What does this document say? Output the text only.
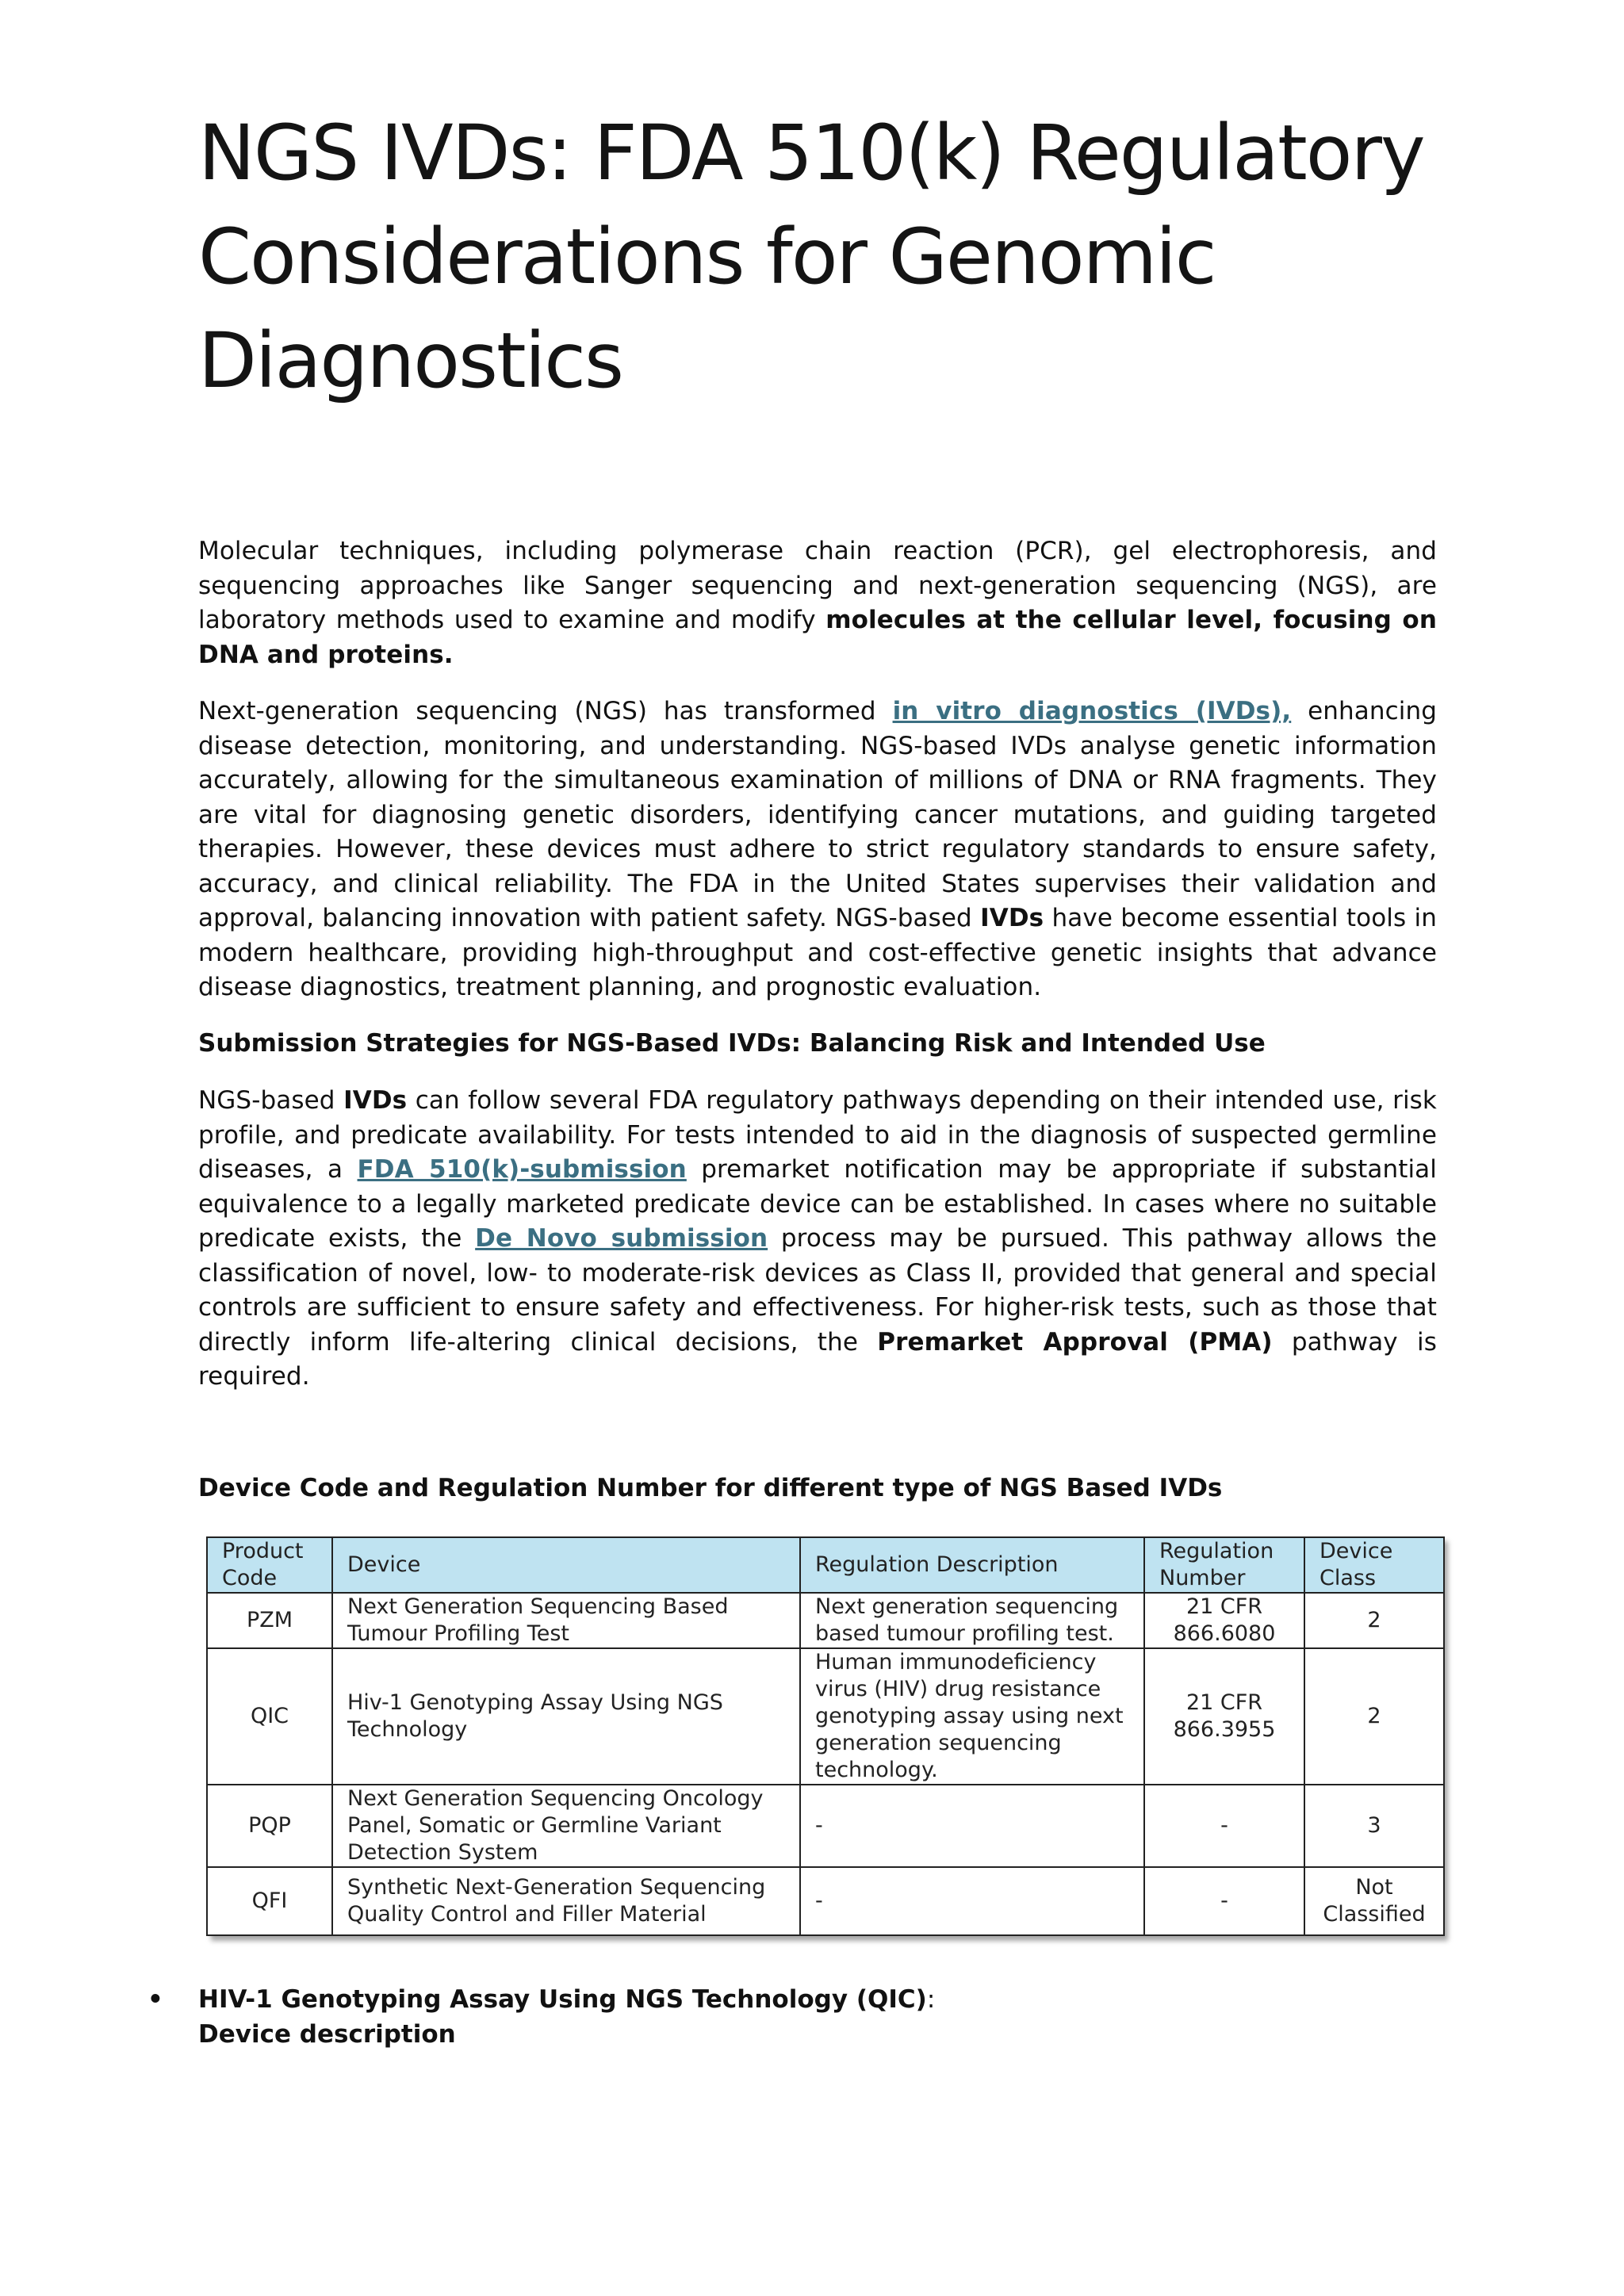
NGS IVDs: FDA 510(k) Regulatory Considerations for Genomic Diagnostics

Molecular techniques, including polymerase chain reaction (PCR), gel electrophoresis, and sequencing approaches like Sanger sequencing and next-generation sequencing (NGS), are laboratory methods used to examine and modify molecules at the cellular level, focusing on DNA and proteins.

Next-generation sequencing (NGS) has transformed in vitro diagnostics (IVDs), enhancing disease detection, monitoring, and understanding. NGS-based IVDs analyse genetic information accurately, allowing for the simultaneous examination of millions of DNA or RNA fragments. They are vital for diagnosing genetic disorders, identifying cancer mutations, and guiding targeted therapies. However, these devices must adhere to strict regulatory standards to ensure safety, accuracy, and clinical reliability. The FDA in the United States supervises their validation and approval, balancing innovation with patient safety. NGS-based IVDs have become essential tools in modern healthcare, providing high-throughput and cost-effective genetic insights that advance disease diagnostics, treatment planning, and prognostic evaluation.

Submission Strategies for NGS-Based IVDs: Balancing Risk and Intended Use

NGS-based IVDs can follow several FDA regulatory pathways depending on their intended use, risk profile, and predicate availability. For tests intended to aid in the diagnosis of suspected germline diseases, a FDA 510(k)-submission premarket notification may be appropriate if substantial equivalence to a legally marketed predicate device can be established. In cases where no suitable predicate exists, the De Novo submission process may be pursued. This pathway allows the classification of novel, low- to moderate-risk devices as Class II, provided that general and special controls are sufficient to ensure safety and effectiveness. For higher-risk tests, such as those that directly inform life-altering clinical decisions, the Premarket Approval (PMA) pathway is required.

Device Code and Regulation Number for different type of NGS Based IVDs
Product Code	Device	Regulation Description	Regulation Number	Device Class
PZM	Next Generation Sequencing Based Tumour Profiling Test	Next generation sequencing based tumour profiling test.	21 CFR 866.6080	2
QIC	Hiv-1 Genotyping Assay Using NGS Technology	Human immunodeficiency virus (HIV) drug resistance genotyping assay using next generation sequencing technology.	21 CFR 866.3955	2
PQP	Next Generation Sequencing Oncology Panel, Somatic or Germline Variant Detection System	-	-	3
QFI	Synthetic Next-Generation Sequencing Quality Control and Filler Material	-	-	Not Classified
• HIV-1 Genotyping Assay Using NGS Technology (QIC):
Device description
